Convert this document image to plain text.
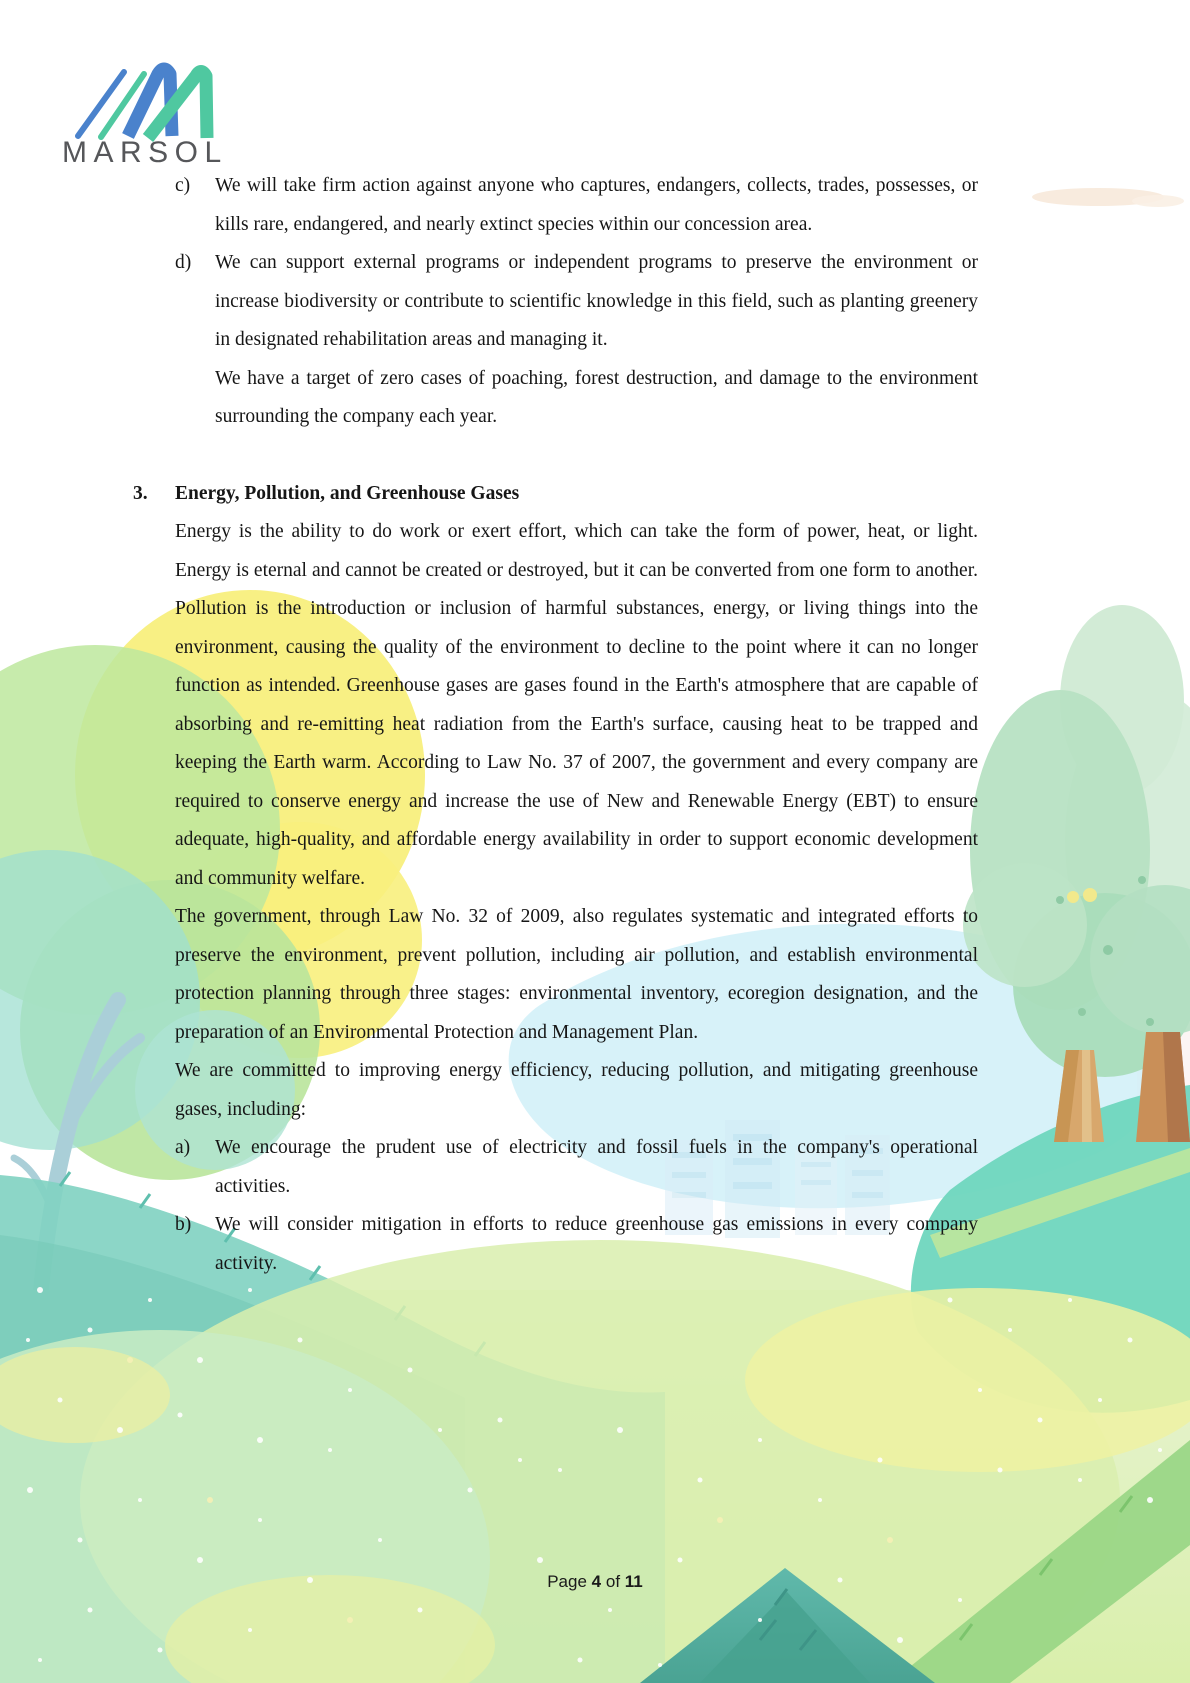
MARSOL
c)	We will take firm action against anyone who captures, endangers, collects, trades, possesses, or kills rare, endangered, and nearly extinct species within our concession area.
d)	We can support external programs or independent programs to preserve the environment or increase biodiversity or contribute to scientific knowledge in this field, such as planting greenery in designated rehabilitation areas and managing it.
We have a target of zero cases of poaching, forest destruction, and damage to the environment surrounding the company each year.
3.	Energy, Pollution, and Greenhouse Gases
Energy is the ability to do work or exert effort, which can take the form of power, heat, or light. Energy is eternal and cannot be created or destroyed, but it can be converted from one form to another. Pollution is the introduction or inclusion of harmful substances, energy, or living things into the environment, causing the quality of the environment to decline to the point where it can no longer function as intended. Greenhouse gases are gases found in the Earth's atmosphere that are capable of absorbing and re-emitting heat radiation from the Earth's surface, causing heat to be trapped and keeping the Earth warm. According to Law No. 37 of 2007, the government and every company are required to conserve energy and increase the use of New and Renewable Energy (EBT) to ensure adequate, high-quality, and affordable energy availability in order to support economic development and community welfare.
The government, through Law No. 32 of 2009, also regulates systematic and integrated efforts to preserve the environment, prevent pollution, including air pollution, and establish environmental protection planning through three stages: environmental inventory, ecoregion designation, and the preparation of an Environmental Protection and Management Plan.
We are committed to improving energy efficiency, reducing pollution, and mitigating greenhouse gases, including:
a)	We encourage the prudent use of electricity and fossil fuels in the company's operational activities.
b)	We will consider mitigation in efforts to reduce greenhouse gas emissions in every company activity.
Page 4 of 11
